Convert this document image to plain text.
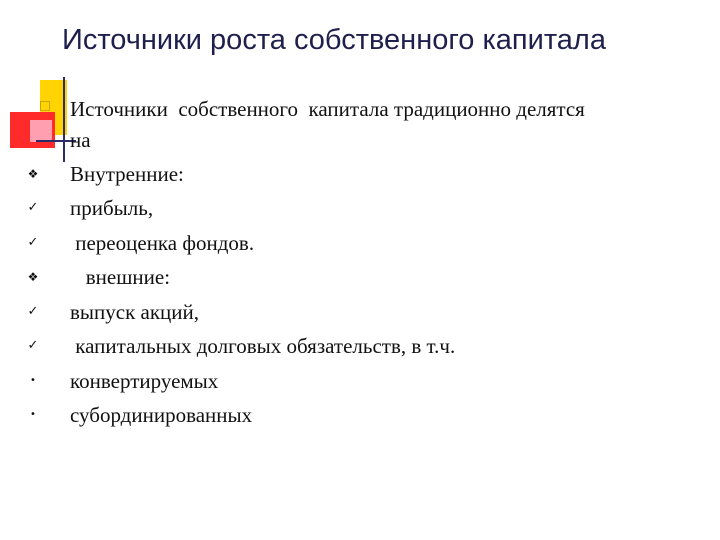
Источники роста собственного капитала
Источники  собственного  капитала традиционно делятся
на
Внутренние:
❖
прибыль,
✓
переоценка фондов.
✓
внешние:
❖
выпуск акций,
✓
капитальных долговых обязательств, в т.ч.
✓
конвертируемых
•
субординированных
•
